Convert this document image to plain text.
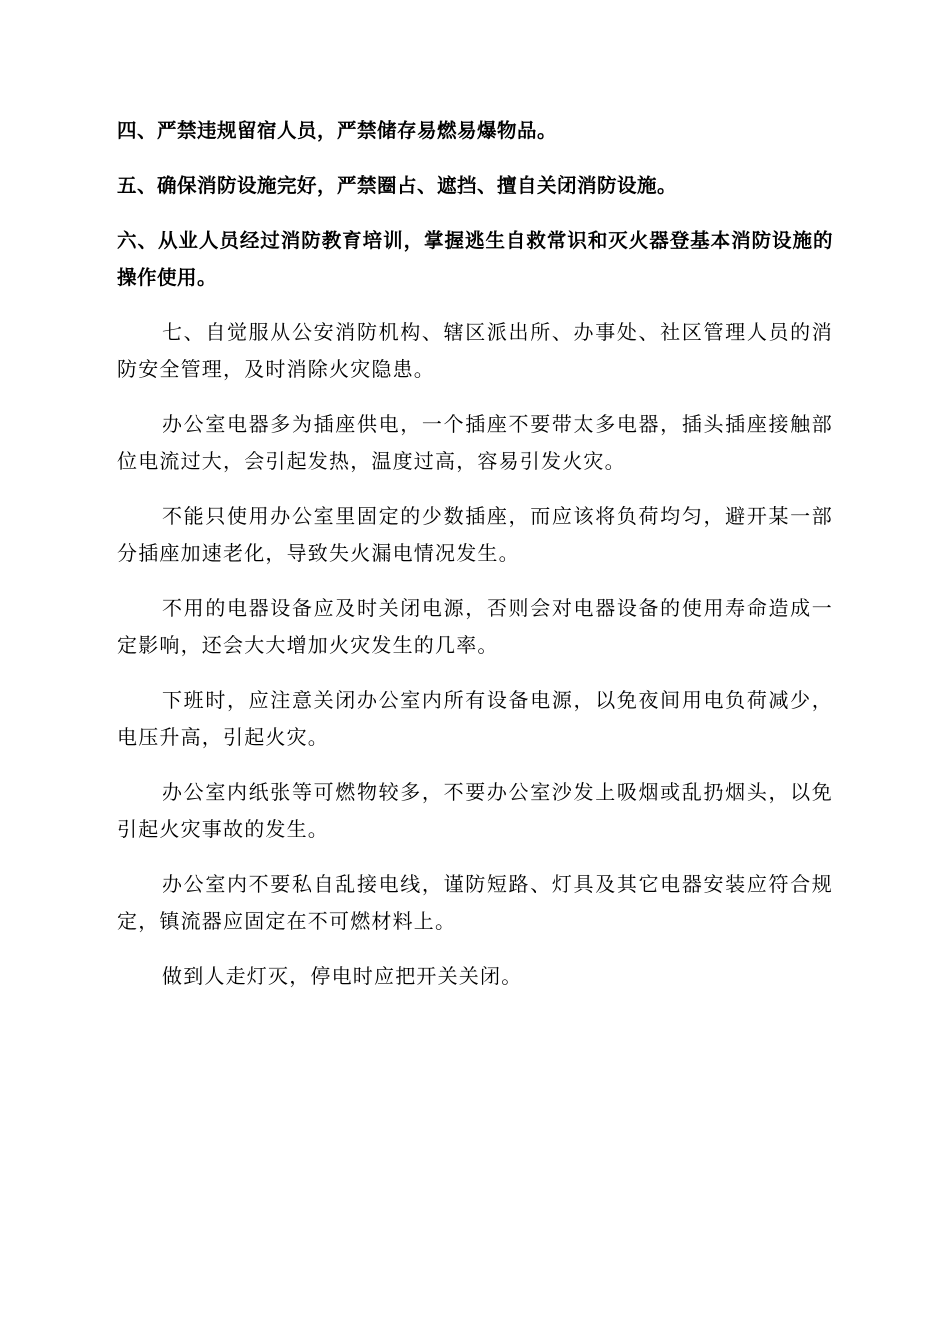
四、严禁违规留宿人员，严禁储存易燃易爆物品。

五、确保消防设施完好，严禁圈占、遮挡、擅自关闭消防设施。

六、从业人员经过消防教育培训，掌握逃生自救常识和灭火器登基本消防设施的操作使用。

七、自觉服从公安消防机构、辖区派出所、办事处、社区管理人员的消防安全管理，及时消除火灾隐患。

办公室电器多为插座供电，一个插座不要带太多电器，插头插座接触部位电流过大，会引起发热，温度过高，容易引发火灾。

不能只使用办公室里固定的少数插座，而应该将负荷均匀，避开某一部分插座加速老化，导致失火漏电情况发生。

不用的电器设备应及时关闭电源，否则会对电器设备的使用寿命造成一定影响，还会大大增加火灾发生的几率。

下班时，应注意关闭办公室内所有设备电源，以免夜间用电负荷减少，电压升高，引起火灾。

办公室内纸张等可燃物较多，不要办公室沙发上吸烟或乱扔烟头，以免引起火灾事故的发生。

办公室内不要私自乱接电线，谨防短路、灯具及其它电器安装应符合规定，镇流器应固定在不可燃材料上。

做到人走灯灭，停电时应把开关关闭。
